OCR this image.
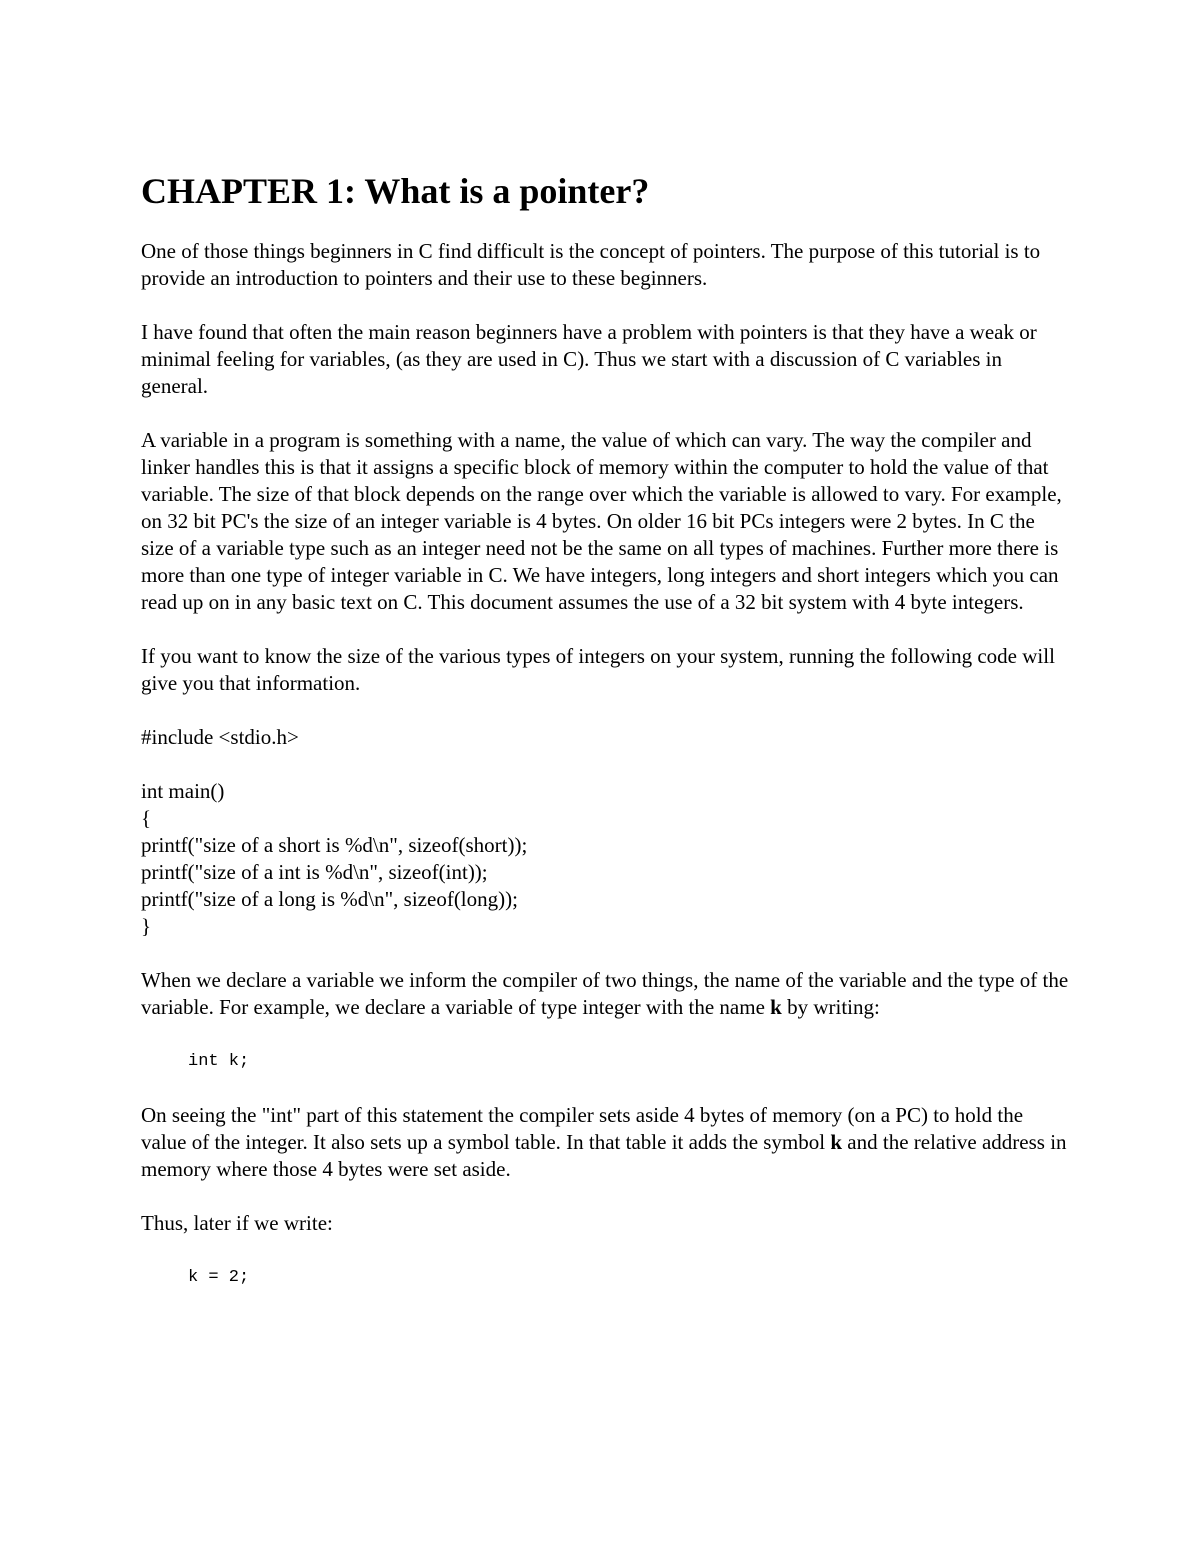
CHAPTER 1: What is a pointer?

One of those things beginners in C find difficult is the concept of pointers. The purpose of this tutorial is to provide an introduction to pointers and their use to these beginners.

I have found that often the main reason beginners have a problem with pointers is that they have a weak or minimal feeling for variables, (as they are used in C). Thus we start with a discussion of C variables in general.

A variable in a program is something with a name, the value of which can vary. The way the compiler and linker handles this is that it assigns a specific block of memory within the computer to hold the value of that variable. The size of that block depends on the range over which the variable is allowed to vary. For example, on 32 bit PC's the size of an integer variable is 4 bytes. On older 16 bit PCs integers were 2 bytes. In C the size of a variable type such as an integer need not be the same on all types of machines. Further more there is more than one type of integer variable in C. We have integers, long integers and short integers which you can read up on in any basic text on C. This document assumes the use of a 32 bit system with 4 byte integers.

If you want to know the size of the various types of integers on your system, running the following code will give you that information.

#include <stdio.h>
int main()
{
printf("size of a short is %d\n", sizeof(short));
printf("size of a int is %d\n", sizeof(int));
printf("size of a long is %d\n", sizeof(long));
}

When we declare a variable we inform the compiler of two things, the name of the variable and the type of the variable. For example, we declare a variable of type integer with the name k by writing:

int k;

On seeing the "int" part of this statement the compiler sets aside 4 bytes of memory (on a PC) to hold the value of the integer. It also sets up a symbol table. In that table it adds the symbol k and the relative address in memory where those 4 bytes were set aside.

Thus, later if we write:

k = 2;
